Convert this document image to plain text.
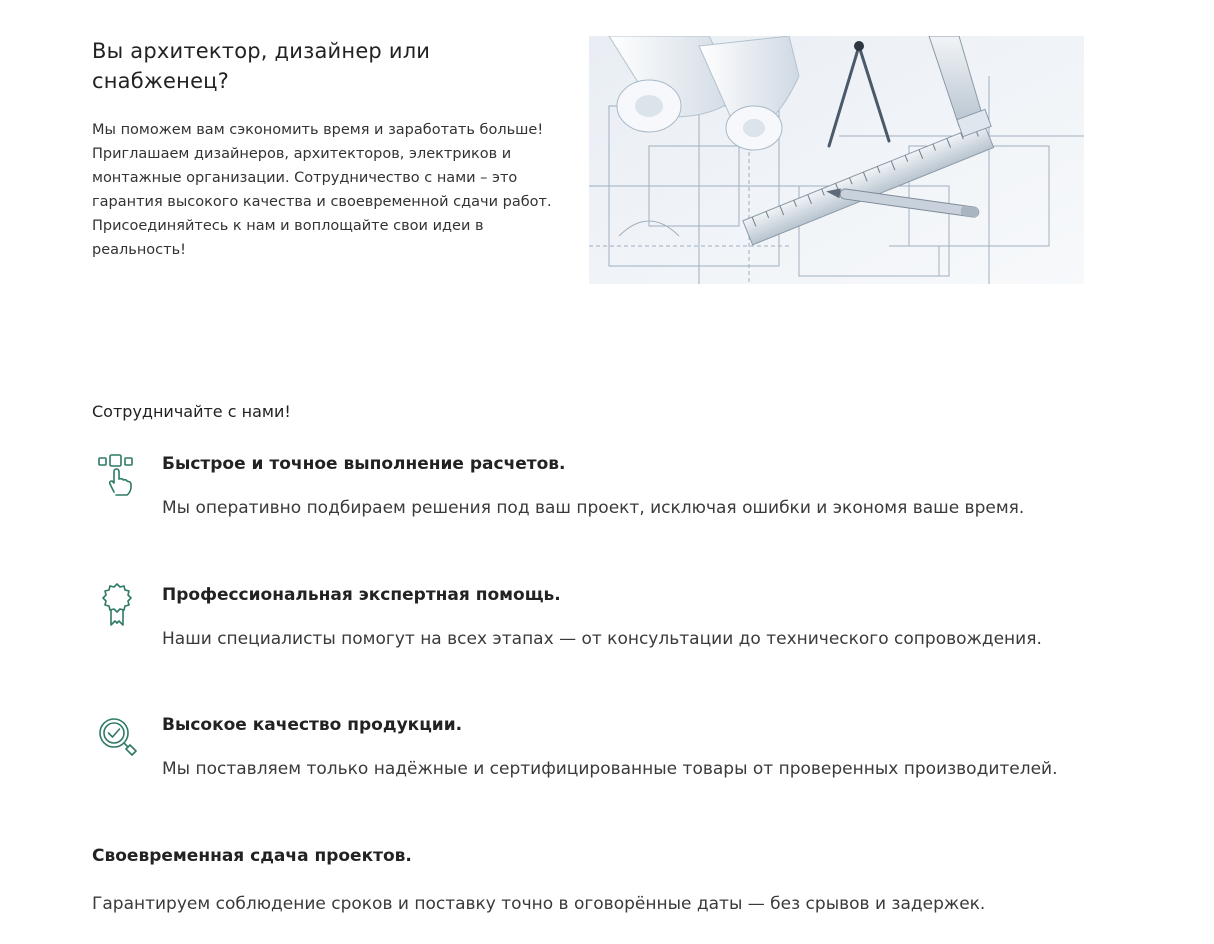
Вы архитектор, дизайнер или снабженец?

Мы поможем вам сэкономить время и заработать больше!Приглашаем дизайнеров, архитекторов, электриков и монтажные организации. Сотрудничество с нами – это гарантия высокого качества и своевременной сдачи работ.

Присоединяйтесь к нам и воплощайте свои идеи в реальность!

Сотрудничайте с нами!
Быстрое и точное выполнение расчетов.
Мы оперативно подбираем решения под ваш проект, исключая ошибки и экономя ваше время.
Профессиональная экспертная помощь.
Наши специалисты помогут на всех этапах — от консультации до технического сопровождения.
Высокое качество продукции.
Мы поставляем только надёжные и сертифицированные товары от проверенных производителей.
Своевременная сдача проектов.
Гарантируем соблюдение сроков и поставку точно в оговорённые даты — без срывов и задержек.
